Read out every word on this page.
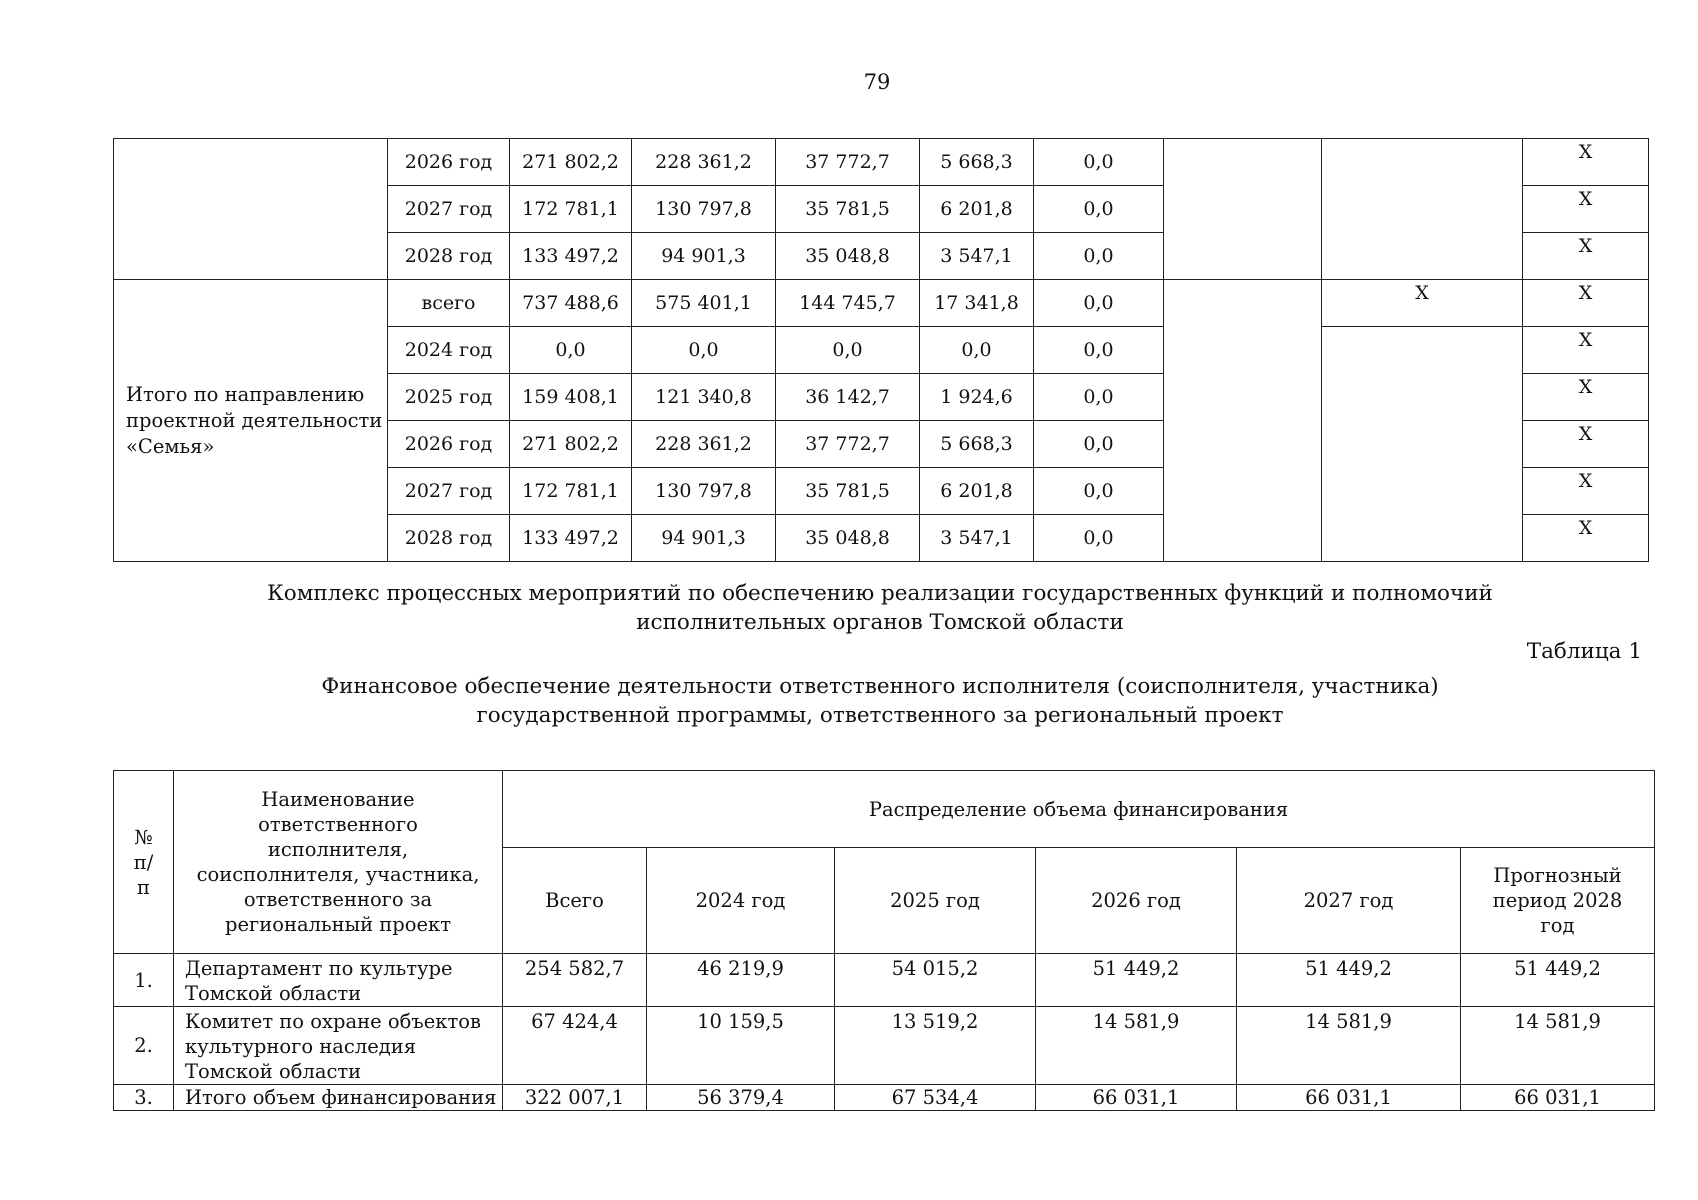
79
	2026 год	271 802,2	228 361,2	37 772,7	5 668,3	0,0			Х
	2027 год	172 781,1	130 797,8	35 781,5	6 201,8	0,0			Х
	2028 год	133 497,2	94 901,3	35 048,8	3 547,1	0,0			Х
Итого по направлению проектной деятельности «Семья»	всего	737 488,6	575 401,1	144 745,7	17 341,8	0,0		Х	Х
	2024 год	0,0	0,0	0,0	0,0	0,0			Х
	2025 год	159 408,1	121 340,8	36 142,7	1 924,6	0,0			Х
	2026 год	271 802,2	228 361,2	37 772,7	5 668,3	0,0			Х
	2027 год	172 781,1	130 797,8	35 781,5	6 201,8	0,0			Х
	2028 год	133 497,2	94 901,3	35 048,8	3 547,1	0,0			Х
Комплекс процессных мероприятий по обеспечению реализации государственных функций и полномочий
исполнительных органов Томской области
Таблица 1
Финансовое обеспечение деятельности ответственного исполнителя (соисполнителя, участника)
государственной программы, ответственного за региональный проект
№ п/п	Наименование ответственного исполнителя, соисполнителя, участника, ответственного за региональный проект	Распределение объема финансирования					
		Всего	2024 год	2025 год	2026 год	2027 год	Прогнозный период 2028 год
1.	Департамент по культуре Томской области	254 582,7	46 219,9	54 015,2	51 449,2	51 449,2	51 449,2
2.	Комитет по охране объектов культурного наследия Томской области	67 424,4	10 159,5	13 519,2	14 581,9	14 581,9	14 581,9
3.	Итого объем финансирования	322 007,1	56 379,4	67 534,4	66 031,1	66 031,1	66 031,1
